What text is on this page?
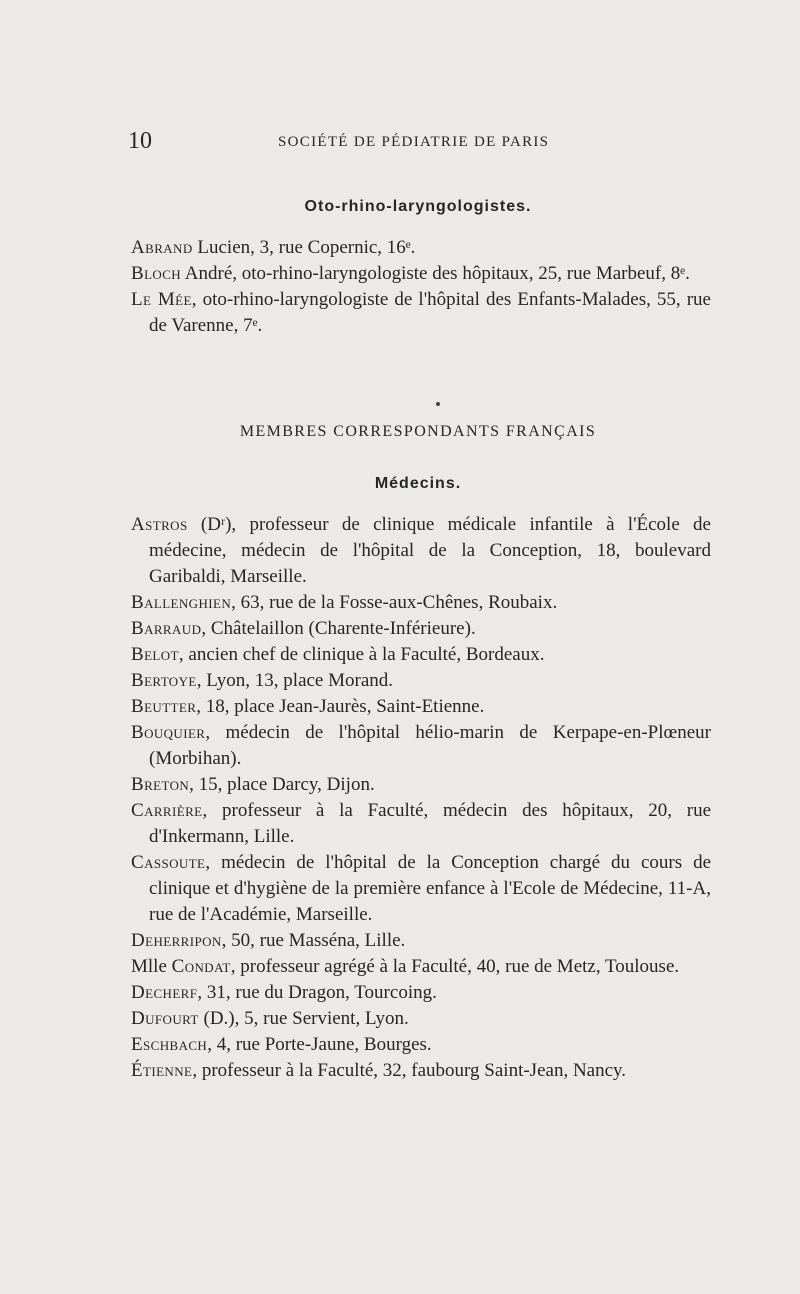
10	SOCIÉTÉ DE PÉDIATRIE DE PARIS
Oto-rhino-laryngologistes.
Abrand Lucien, 3, rue Copernic, 16ᵉ.
Bloch André, oto-rhino-laryngologiste des hôpitaux, 25, rue Marbeuf, 8ᵉ.
Le Mée, oto-rhino-laryngologiste de l'hôpital des Enfants-Malades, 55, rue de Varenne, 7ᵉ.
MEMBRES CORRESPONDANTS FRANÇAIS
Médecins.
Astros (Dʳ), professeur de clinique médicale infantile à l'École de médecine, médecin de l'hôpital de la Conception, 18, boulevard Garibaldi, Marseille.
Ballenghien, 63, rue de la Fosse-aux-Chênes, Roubaix.
Barraud, Châtelaillon (Charente-Inférieure).
Belot, ancien chef de clinique à la Faculté, Bordeaux.
Bertoye, Lyon, 13, place Morand.
Beutter, 18, place Jean-Jaurès, Saint-Etienne.
Bouquier, médecin de l'hôpital hélio-marin de Kerpape-en-Plœneur (Morbihan).
Breton, 15, place Darcy, Dijon.
Carrière, professeur à la Faculté, médecin des hôpitaux, 20, rue d'Inkermann, Lille.
Cassoute, médecin de l'hôpital de la Conception chargé du cours de clinique et d'hygiène de la première enfance à l'Ecole de Médecine, 11-A, rue de l'Académie, Marseille.
Deherripon, 50, rue Masséna, Lille.
Mlle Condat, professeur agrégé à la Faculté, 40, rue de Metz, Toulouse.
Decherf, 31, rue du Dragon, Tourcoing.
Dufourt (D.), 5, rue Servient, Lyon.
Eschbach, 4, rue Porte-Jaune, Bourges.
Étienne, professeur à la Faculté, 32, faubourg Saint-Jean, Nancy.
